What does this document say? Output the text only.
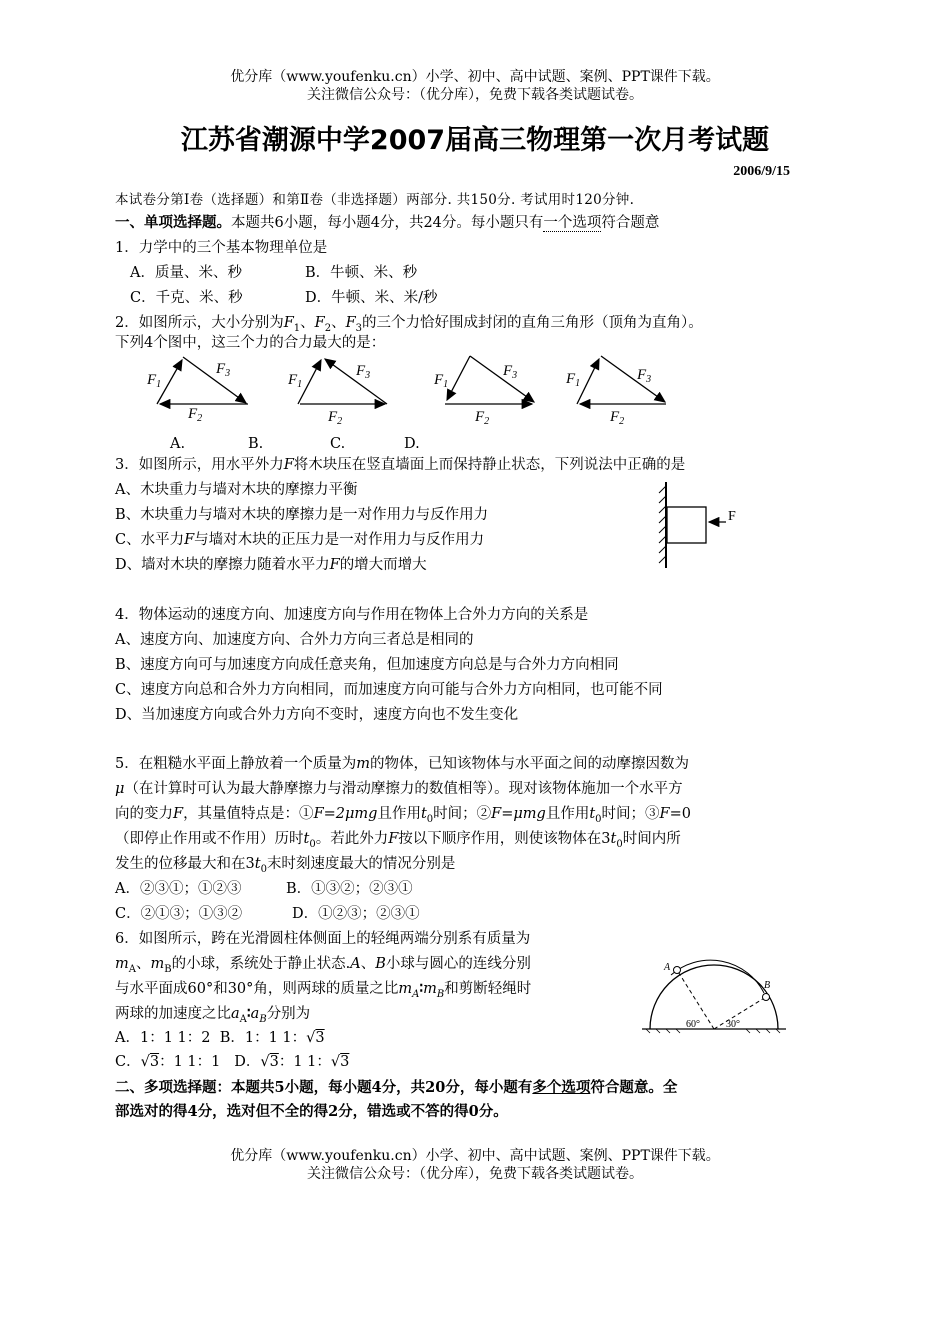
优分库（www.youfenku.cn）小学、初中、高中试题、案例、PPT课件下载。
关注微信公众号：（优分库），免费下载各类试题试卷。
江苏省潮源中学2007届高三物理第一次月考试题
2006/9/15
本试卷分第Ⅰ卷（选择题）和第Ⅱ卷（非选择题）两部分. 共150分. 考试用时120分钟.
一、单项选择题。本题共6小题，每小题4分，共24分。每小题只有一个选项符合题意
1．力学中的三个基本物理单位是
A．质量、米、秒	B．牛顿、米、秒
C．千克、米、秒	D．牛顿、米、米/秒
2．如图所示，大小分别为$F_1$、$F_2$、$F_3$的三个力恰好围成封闭的直角三角形（顶角为直角）。
下列4个图中，这三个力的合力最大的是：
$F_1$
$F_3$
$F_2$
$F_1$
$F_3$
$F_2$
$F_1$
$F_3$
$F_2$
$F_1$
$F_3$
$F_2$
A.	B.	C.	D.
3．如图所示，用水平外力F将木块压在竖直墙面上而保持静止状态，下列说法中正确的是
A、木块重力与墙对木块的摩擦力平衡
B、木块重力与墙对木块的摩擦力是一对作用力与反作用力
C、水平力F与墙对木块的正压力是一对作用力与反作用力
D、墙对木块的摩擦力随着水平力F的增大而增大
F
4．物体运动的速度方向、加速度方向与作用在物体上合外力方向的关系是
A、速度方向、加速度方向、合外力方向三者总是相同的
B、速度方向可与加速度方向成任意夹角，但加速度方向总是与合外力方向相同
C、速度方向总和合外力方向相同，而加速度方向可能与合外力方向相同，也可能不同
D、当加速度方向或合外力方向不变时，速度方向也不发生变化
5．在粗糙水平面上静放着一个质量为m的物体，已知该物体与水平面之间的动摩擦因数为
μ（在计算时可认为最大静摩擦力与滑动摩擦力的数值相等）。现对该物体施加一个水平方
向的变力F，其量值特点是：①F=2μmg且作用$t_0$时间；②F=μmg且作用$t_0$时间；③F=0
（即停止作用或不作用）历时$t_0$。若此外力F按以下顺序作用，则使该物体在$3t_0$时间内所
发生的位移最大和在$3t_0$末时刻速度最大的情况分别是
A．②③①；①②③	B．①③②；②③①
C．②①③；①③②	D．①②③；②③①
6．如图所示，跨在光滑圆柱体侧面上的轻绳两端分别系有质量为
$m_A$、$m_B$的小球，系统处于静止状态.A、B小球与圆心的连线分别
与水平面成60°和30°角，则两球的质量之比$m_A∶m_B$和剪断轻绳时
两球的加速度之比$a_A∶a_B$分别为
A．1：1 1：2 B．1：1 1：√3
C．√3：1 1：1 D．√3：1 1：√3
A
B
60°	30°
二、多项选择题：本题共5小题，每小题4分，共20分，每小题有多个选项符合题意。全
部选对的得4分，选对但不全的得2分，错选或不答的得0分。
优分库（www.youfenku.cn）小学、初中、高中试题、案例、PPT课件下载。
关注微信公众号：（优分库），免费下载各类试题试卷。
